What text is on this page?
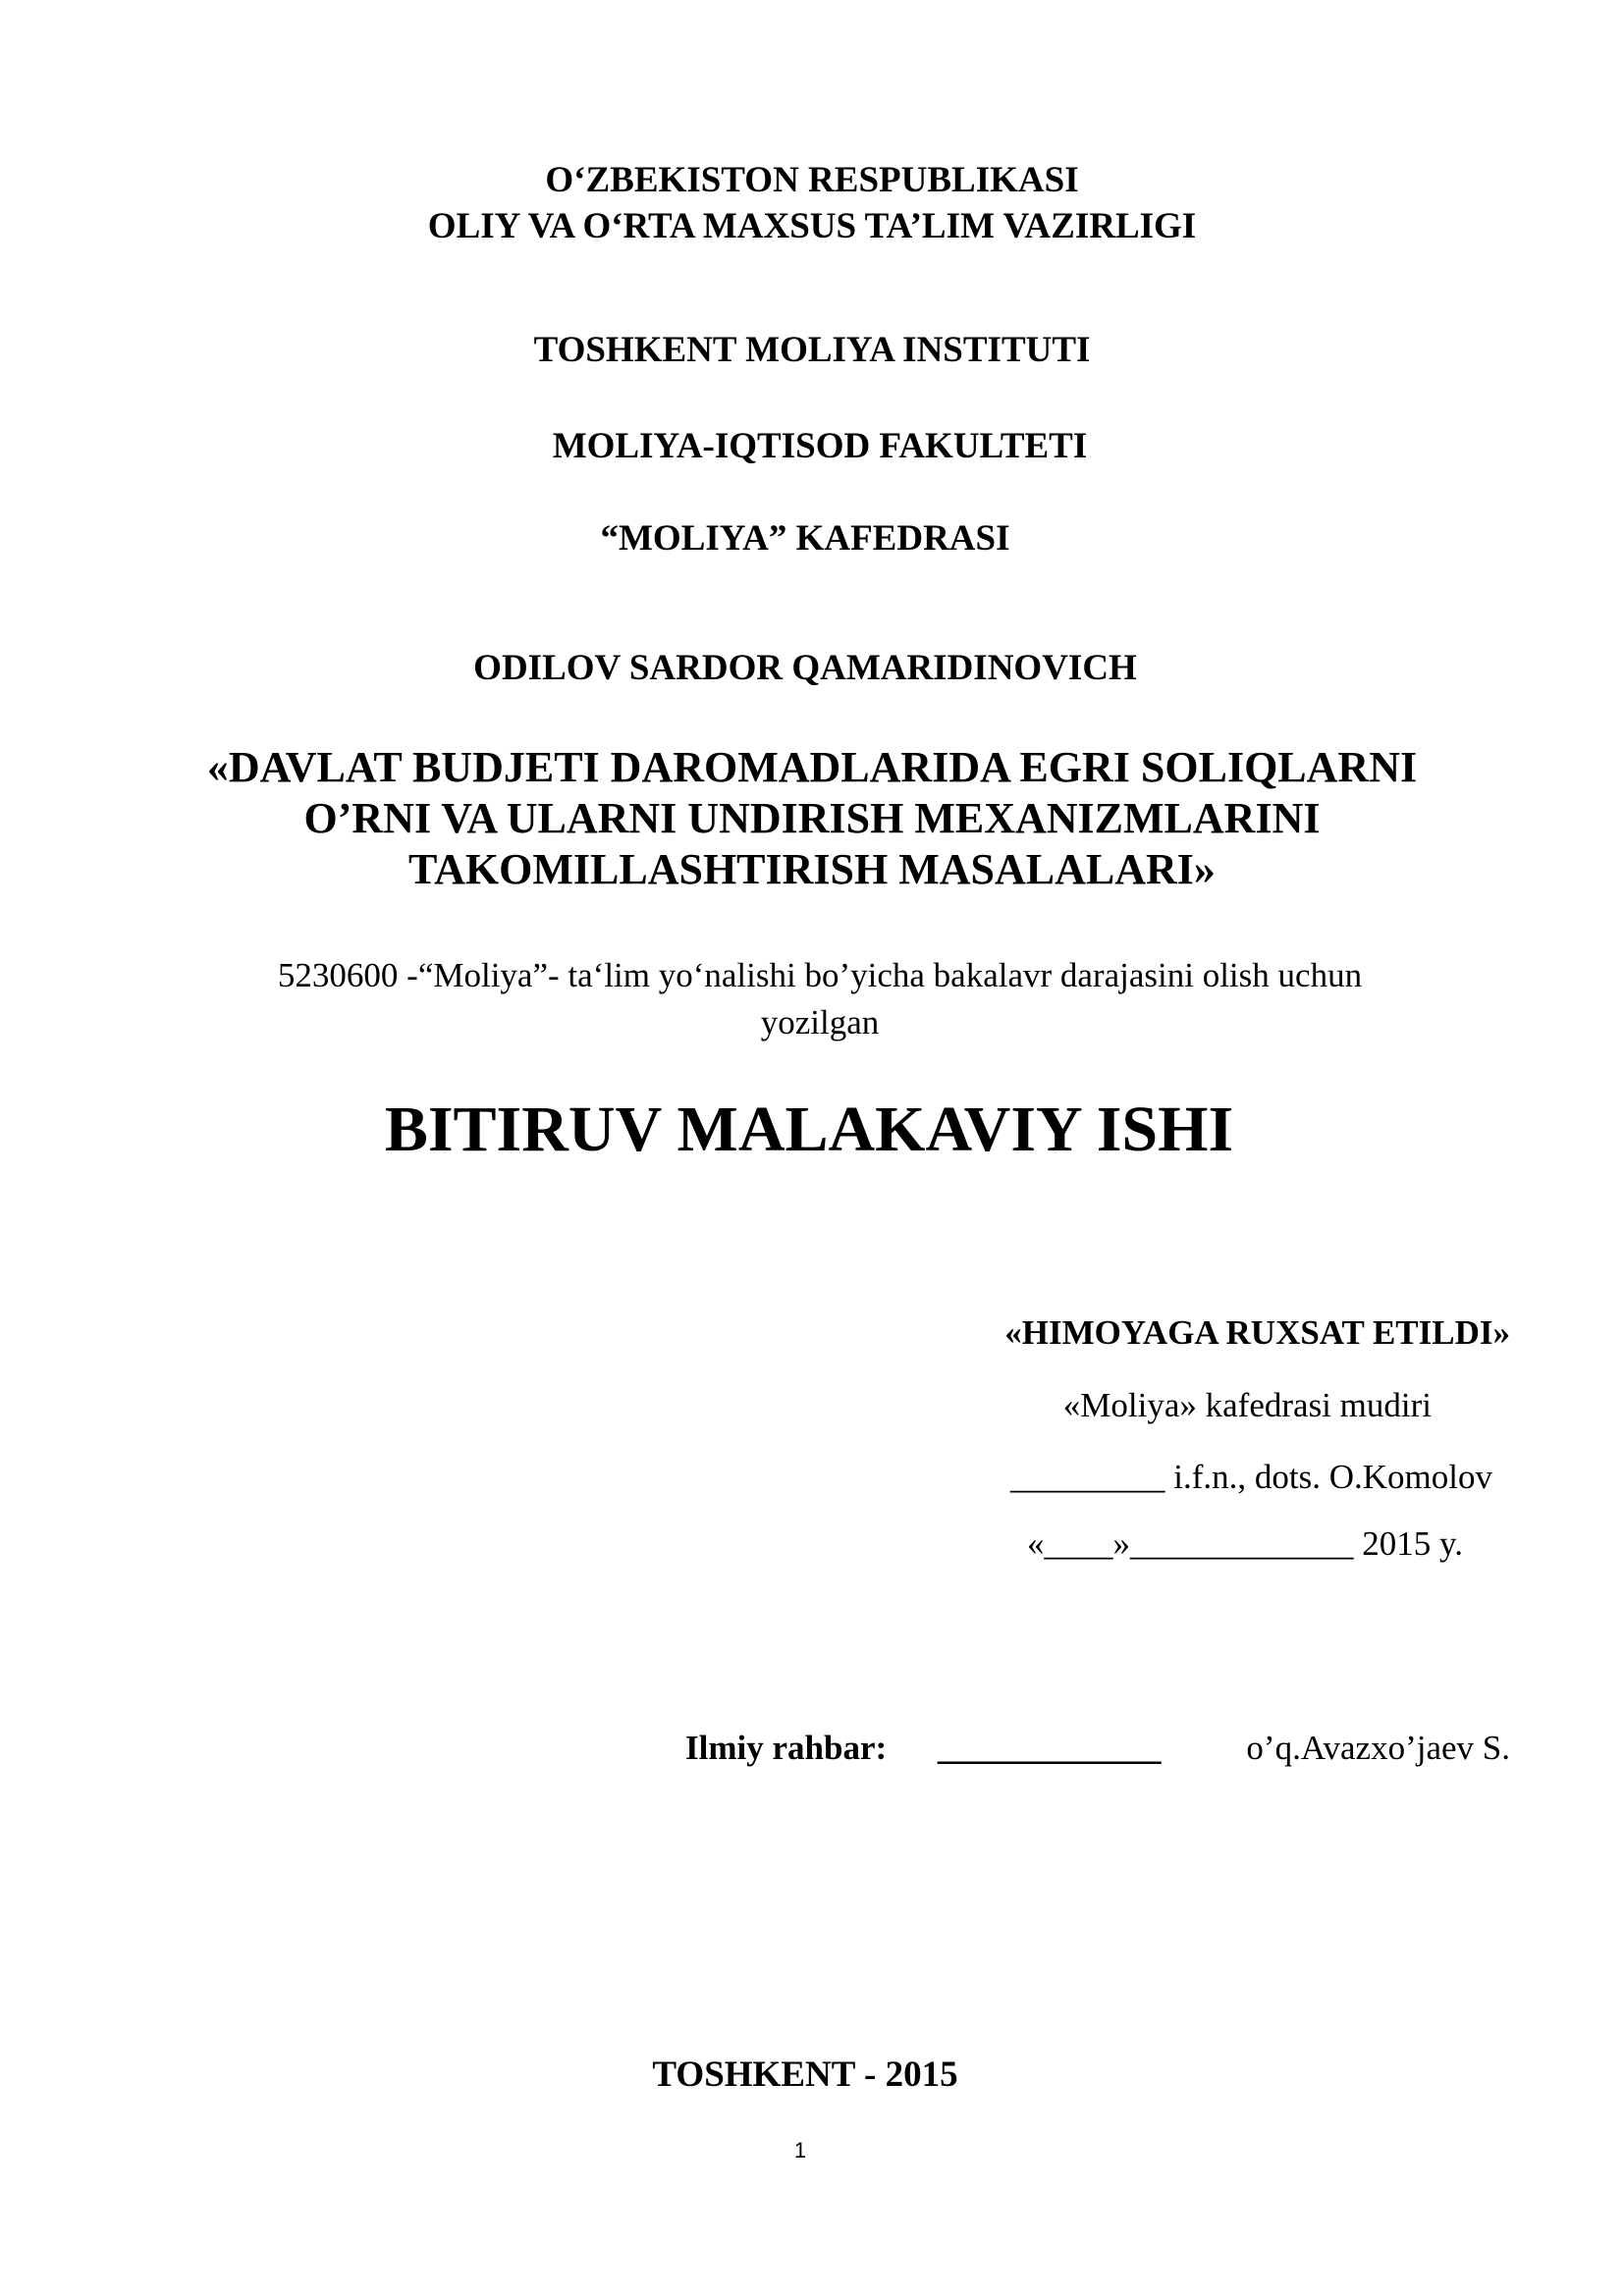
O‘ZBEKISTON RESPUBLIKASI
OLIY VA O‘RTA MAXSUS TA’LIM VAZIRLIGI
TOSHKENT MOLIYA INSTITUTI
MOLIYA-IQTISOD FAKULTETI
“MOLIYA” KAFEDRASI
ODILOV SARDOR QAMARIDINOVICH
«DAVLAT BUDJETI DAROMADLARIDA EGRI SOLIQLARNI
O’RNI VA ULARNI UNDIRISH MEXANIZMLARINI
TAKOMILLASHTIRISH MASALALARI»
5230600 -“Moliya”- ta‘lim yo‘nalishi bo’yicha bakalavr darajasini olish uchun
yozilgan
BITIRUV MALAKAVIY ISHI
«HIMOYAGA RUXSAT ETILDI»
«Moliya» kafedrasi mudiri
_________ i.f.n., dots. O.Komolov
«____»_____________ 2015 y.
Ilmiy rahbar: _____________ o’q.Avazxo’jaev S.
TOSHKENT - 2015
1
